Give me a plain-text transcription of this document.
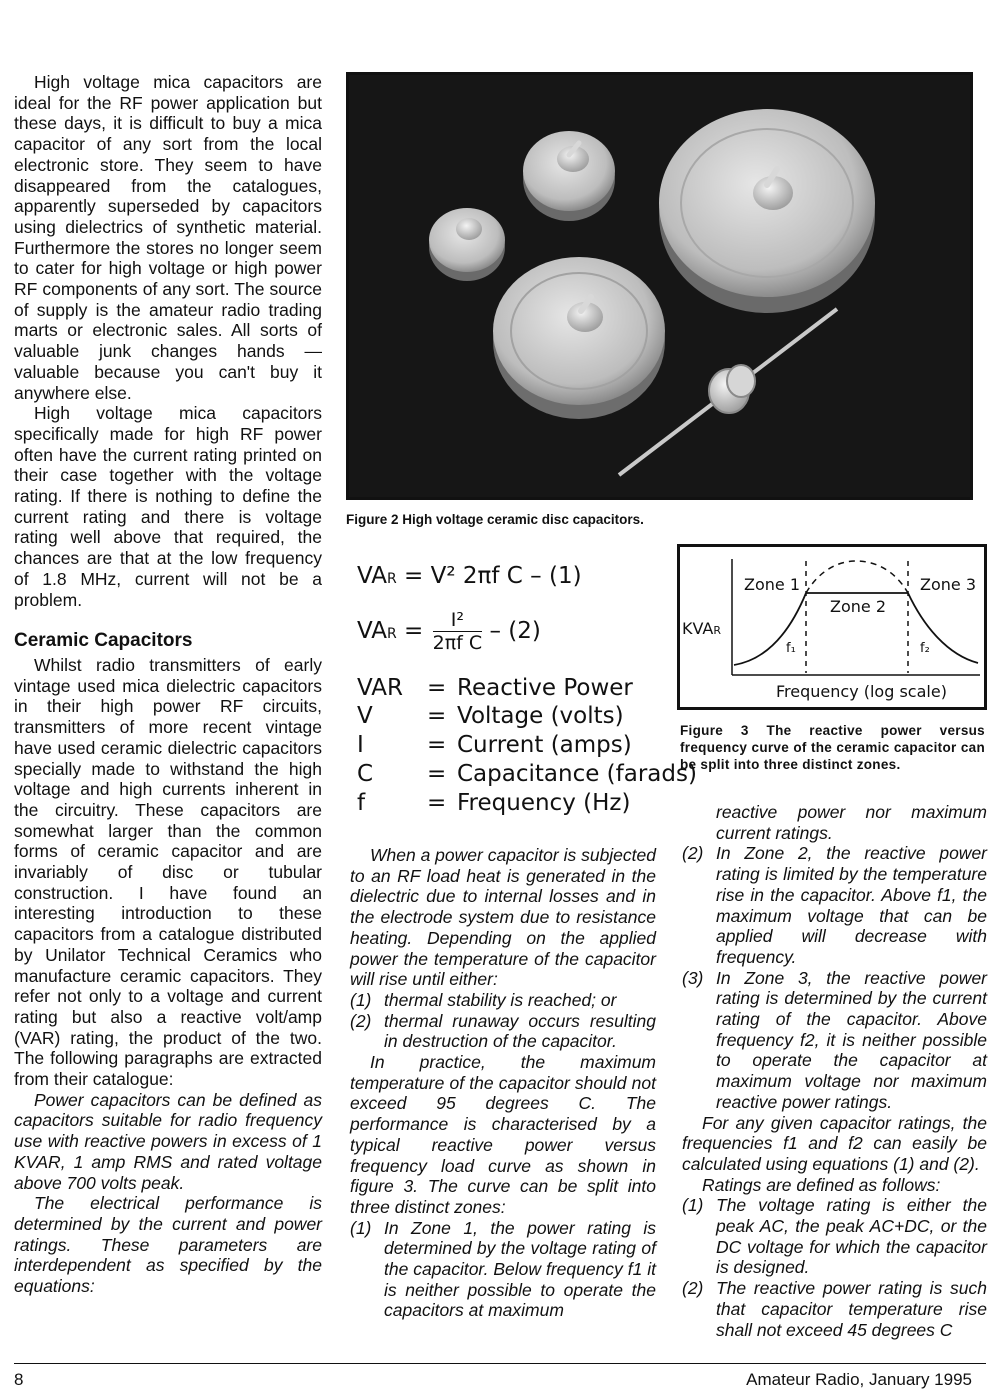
High voltage mica capacitors are ideal for the RF power application but these days, it is difficult to buy a mica capacitor of any sort from the local electronic store. They seem to have disappeared from the catalogues, apparently superseded by capacitors using dielectrics of synthetic material. Furthermore the stores no longer seem to cater for high voltage or high power RF components of any sort. The source of supply is the amateur radio trading marts or electronic sales. All sorts of valuable junk changes hands — valuable because you can't buy it anywhere else.

High voltage mica capacitors specifically made for high RF power often have the current rating printed on their case together with the voltage rating. If there is nothing to define the current rating and there is voltage rating well above that required, the chances are that at the low frequency of 1.8 MHz, current will not be a problem.

Ceramic Capacitors

Whilst radio transmitters of early vintage used mica dielectric capacitors in their high power RF circuits, transmitters of more recent vintage have used ceramic dielectric capacitors specially made to withstand the high voltage and high currents inherent in the circuitry. These capacitors are somewhat larger than the common forms of ceramic capacitor and are invariably of disc or tubular construction. I have found an interesting introduction to these capacitors from a catalogue distributed by Unilator Technical Ceramics who manufacture ceramic capacitors. They refer not only to a voltage and current rating but also a reactive volt/amp (VAR) rating, the product of the two. The following paragraphs are extracted from their catalogue:

Power capacitors can be defined as capacitors suitable for radio frequency use with reactive powers in excess of 1 KVAR, 1 amp RMS and rated voltage above 700 volts peak.

The electrical performance is determined by the current and power ratings. These parameters are interdependent as specified by the equations:

Figure 2 High voltage ceramic disc capacitors.
VAR = V² 2πf C – (1)
VAR = $\frac{\text{I²}}{\text{2πf C}} - (2)$
VAR = Reactive Power
V	= Voltage (volts)
I	= Current (amps)
C	= Capacitance (farads)
f	= Frequency (Hz)
Zone 1
Zone 2
Zone 3
KVAR
f₁	f₂
Frequency (log scale)
Figure 3 The reactive power versus frequency curve of the ceramic capacitor can be split into three distinct zones.

When a power capacitor is subjected to an RF load heat is generated in the dielectric due to internal losses and in the electrode system due to resistance heating. Depending on the applied power the temperature of the capacitor will rise until either:

(1) thermal stability is reached; or

(2) thermal runaway occurs resulting in destruction of the capacitor.

In practice, the maximum temperature of the capacitor should not exceed 95 degrees C. The performance is characterised by a typical reactive power versus frequency load curve as shown in figure 3. The curve can be split into three distinct zones:

(1) In Zone 1, the power rating is determined by the voltage rating of the capacitor. Below frequency f1 it is neither possible to operate the capacitors at maximum

reactive power nor maximum current ratings.

(2) In Zone 2, the reactive power rating is limited by the temperature rise in the capacitor. Above f1, the maximum voltage that can be applied will decrease with frequency.

(3) In Zone 3, the reactive power rating is determined by the current rating of the capacitor. Above frequency f2, it is neither possible to operate the capacitor at maximum voltage nor maximum reactive power ratings.

For any given capacitor ratings, the frequencies f1 and f2 can easily be calculated using equations (1) and (2).

Ratings are defined as follows:

(1) The voltage rating is either the peak AC, the peak AC+DC, or the DC voltage for which the capacitor is designed.

(2) The reactive power rating is such that capacitor temperature rise shall not exceed 45 degrees C

8	Amateur Radio, January 1995
